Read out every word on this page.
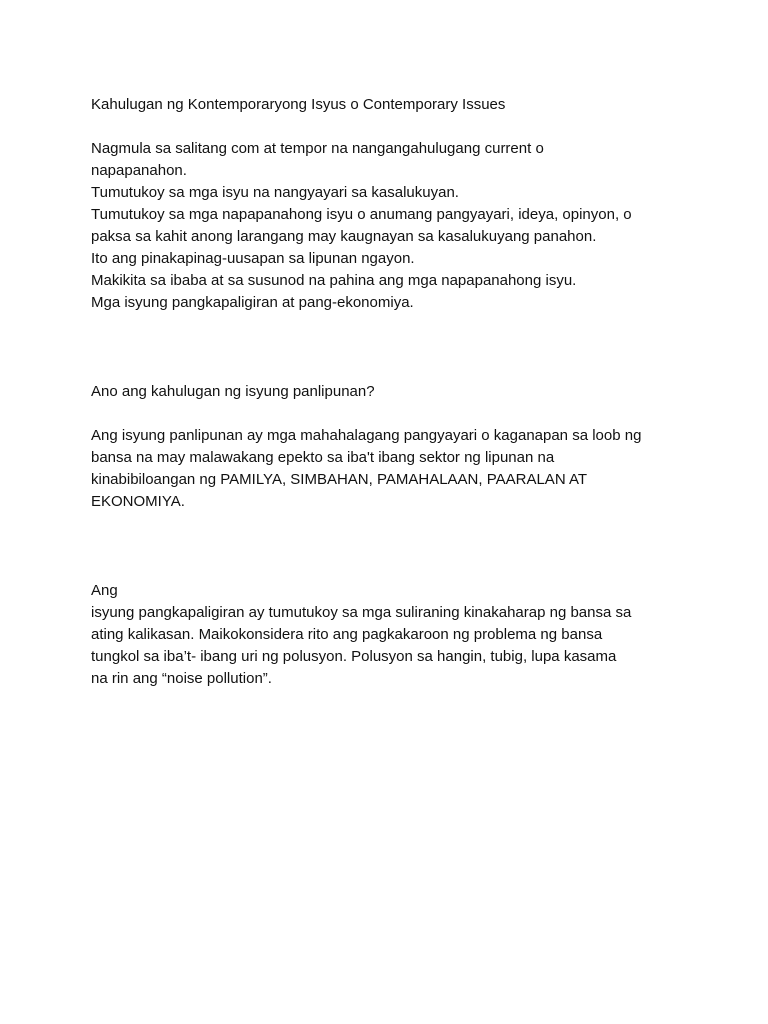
Kahulugan ng Kontemporaryong Isyus o Contemporary Issues
Nagmula sa salitang com at tempor na nangangahulugang current o
napapanahon.
Tumutukoy sa mga isyu na nangyayari sa kasalukuyan.
Tumutukoy sa mga napapanahong isyu o anumang pangyayari, ideya, opinyon, o
paksa sa kahit anong larangang may kaugnayan sa kasalukuyang panahon.
Ito ang pinakapinag-uusapan sa lipunan ngayon.
Makikita sa ibaba at sa susunod na pahina ang mga napapanahong isyu.
Mga isyung pangkapaligiran at pang-ekonomiya.
Ano ang kahulugan ng isyung panlipunan?
Ang isyung panlipunan ay mga mahahalagang pangyayari o kaganapan sa loob ng
bansa na may malawakang epekto sa iba't ibang sektor ng lipunan na
kinabibiloangan ng PAMILYA, SIMBAHAN, PAMAHALAAN, PAARALAN AT
EKONOMIYA.
Ang
isyung pangkapaligiran ay tumutukoy sa mga suliraning kinakaharap ng bansa sa
ating kalikasan. Maikokonsidera rito ang pagkakaroon ng problema ng bansa
tungkol sa iba’t- ibang uri ng polusyon. Polusyon sa hangin, tubig, lupa kasama
na rin ang “noise pollution”.
